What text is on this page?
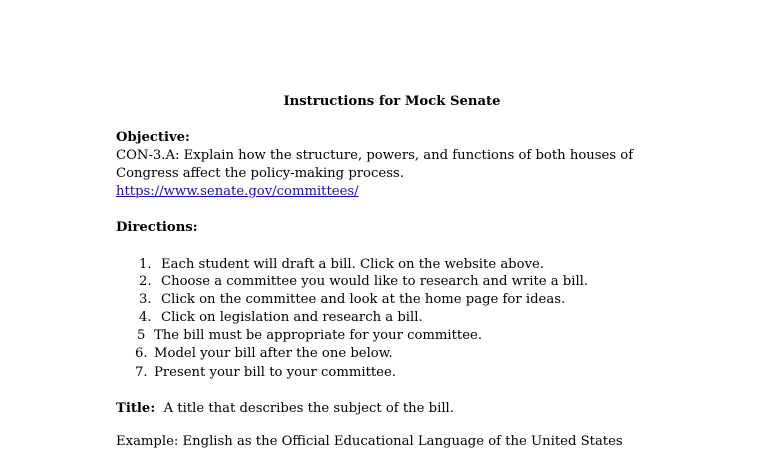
Instructions for Mock Senate
Objective:
CON-3.A: Explain how the structure, powers, and functions of both houses of
Congress affect the policy-making process.
https://www.senate.gov/committees/
Directions:
1. Each student will draft a bill. Click on the website above.
2. Choose a committee you would like to research and write a bill.
3. Click on the committee and look at the home page for ideas.
4. Click on legislation and research a bill.
5 The bill must be appropriate for your committee.
6. Model your bill after the one below.
7. Present your bill to your committee.
Title: A title that describes the subject of the bill.
Example: English as the Official Educational Language of the United States
